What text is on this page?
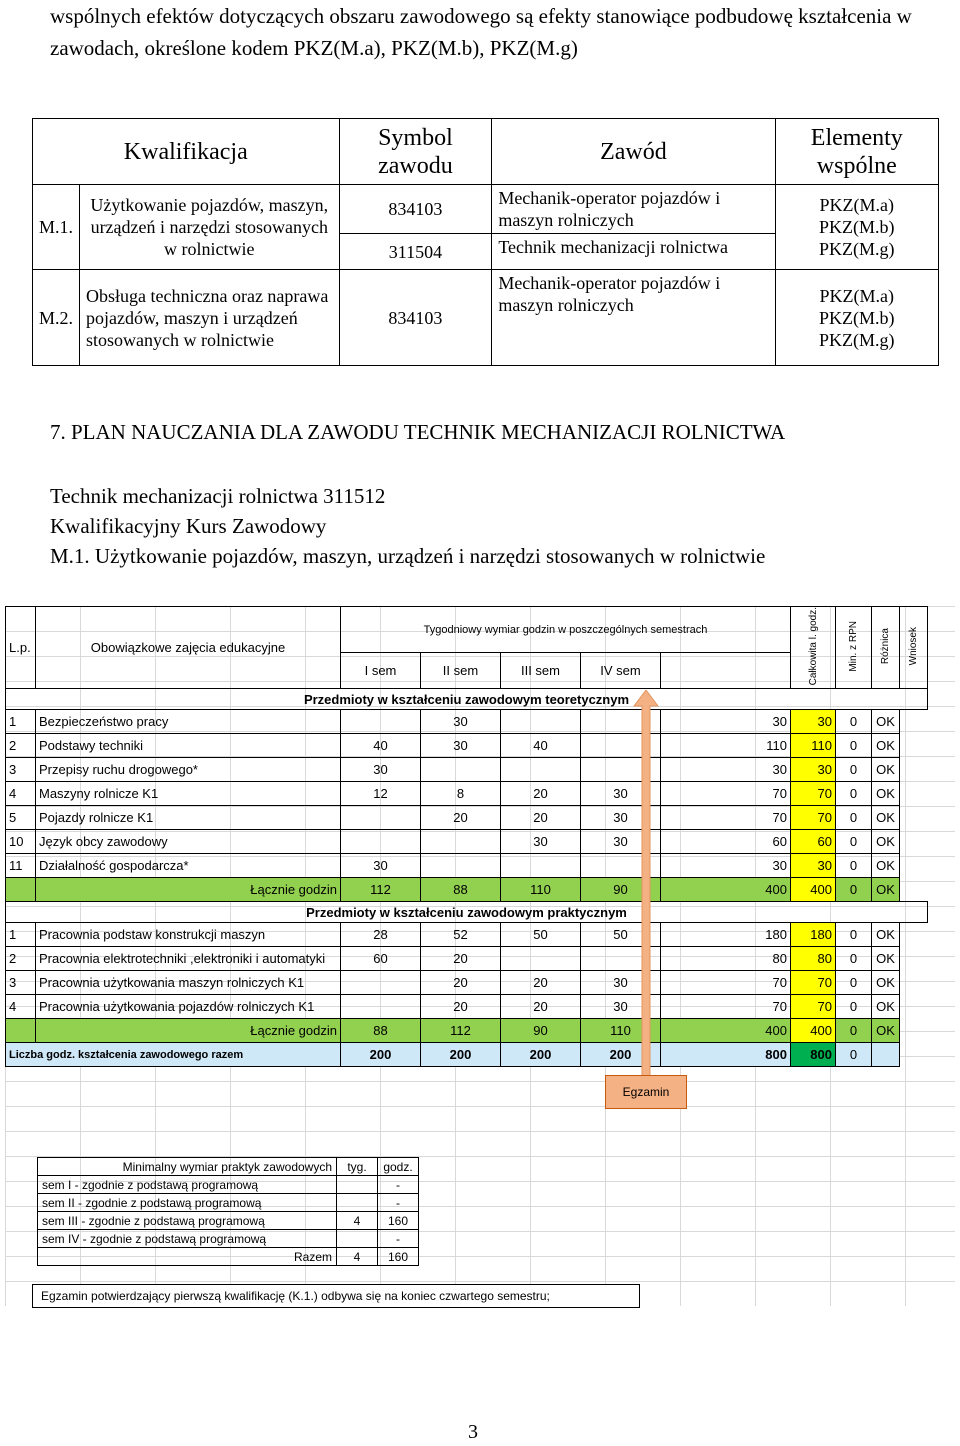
wspólnych efektów dotyczących obszaru zawodowego są efekty stanowiące podbudowę kształcenia w zawodach, określone kodem PKZ(M.a), PKZ(M.b), PKZ(M.g)
Kwalifikacja		Symbol zawodu	Zawód	Elementy wspólne
M.1.	Użytkowanie pojazdów, maszyn, urządzeń i narzędzi stosowanych w rolnictwie	834103	Mechanik-operator pojazdów i maszyn rolniczych	PKZ(M.a)
PKZ(M.b)
PKZ(M.g)

		311504	Technik mechanizacji rolnictwa	
M.2.	Obsługa techniczna oraz naprawa pojazdów, maszyn i urządzeń stosowanych w rolnictwie	834103	Mechanik-operator pojazdów i maszyn rolniczych	PKZ(M.a)
PKZ(M.b)
PKZ(M.g)
7. PLAN NAUCZANIA DLA ZAWODU TECHNIK MECHANIZACJI ROLNICTWA
Technik mechanizacji rolnictwa 311512
Kwalifikacyjny Kurs Zawodowy
M.1. Użytkowanie pojazdów, maszyn, urządzeń i narzędzi stosowanych w rolnictwie
L.p.	Obowiązkowe zajęcia edukacyjne	Tygodniowy wymiar godzin w poszczególnych semestrach					Całkowita l. godz.	Min. z RPN	Różnica	Wniosek
		I sem	II sem	III sem	IV sem					
Przedmioty w kształceniu zawodowym teoretycznym										
1	Bezpieczeństwo pracy		30			30	30	0	OK	
2	Podstawy techniki	40	30	40		110	110	0	OK	
3	Przepisy ruchu drogowego*	30				30	30	0	OK	
4	Maszyny rolnicze K1	12	8	20	30	70	70	0	OK	
5	Pojazdy rolnicze K1		20	20	30	70	70	0	OK	
10	Język obcy zawodowy			30	30	60	60	0	OK	
11	Działalność gospodarcza*	30				30	30	0	OK	
	Łącznie godzin	112	88	110	90	400	400	0	OK	
Przedmioty w kształceniu zawodowym praktycznym										
1	Pracownia podstaw konstrukcji maszyn	28	52	50	50	180	180	0	OK	
2	Pracownia elektrotechniki ,elektroniki i automatyki	60	20			80	80	0	OK	
3	Pracownia użytkowania maszyn rolniczych K1		20	20	30	70	70	0	OK	
4	Pracownia użytkowania pojazdów rolniczych K1		20	20	30	70	70	0	OK	
	Łącznie godzin	88	112	90	110	400	400	0	OK	
Liczba godz. kształcenia zawodowego razem		200	200	200	200	800	800	0		
Egzamin
Minimalny wymiar praktyk zawodowych	tyg.	godz.
sem I - zgodnie z podstawą programową		-
sem II - zgodnie z podstawą programową		-
sem III - zgodnie z podstawą programową	4	160
sem IV - zgodnie z podstawą programową		-
Razem	4	160
Egzamin potwierdzający pierwszą kwalifikację (K.1.) odbywa się na koniec czwartego semestru;
3
